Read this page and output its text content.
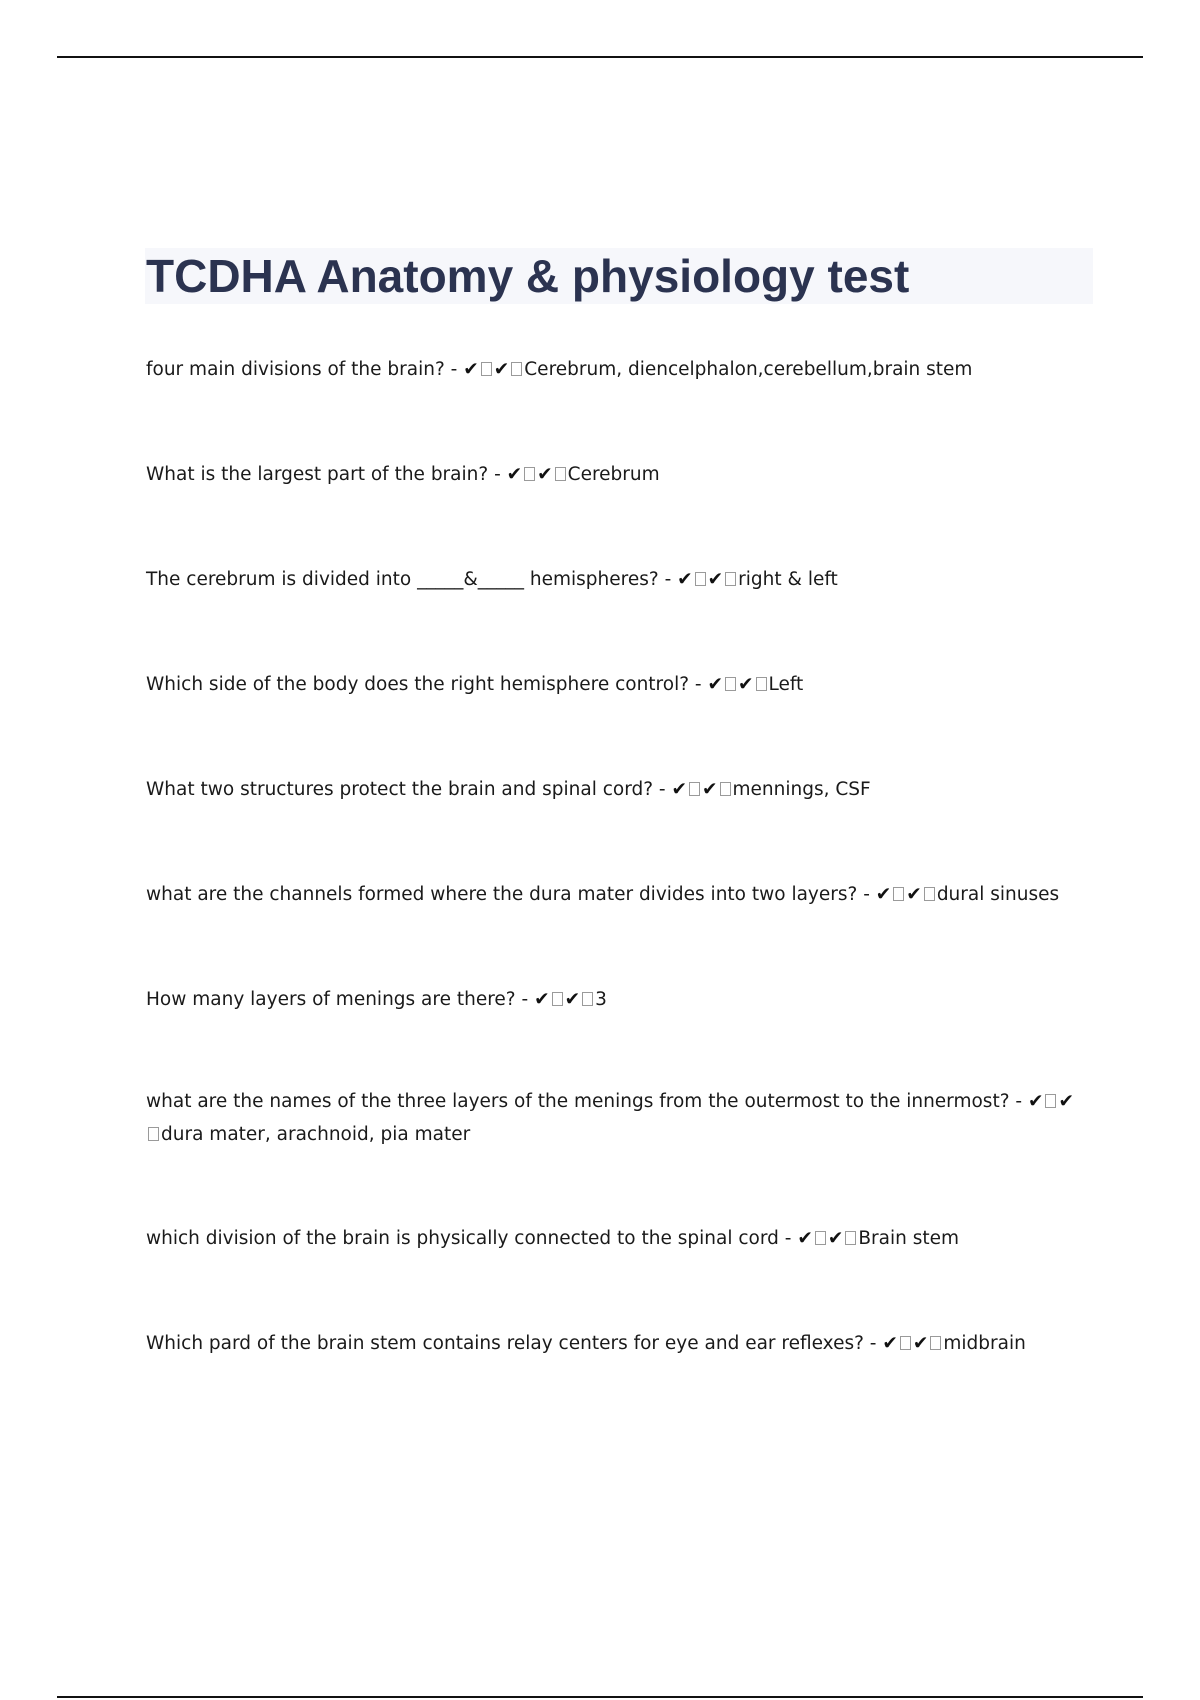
TCDHA Anatomy & physiology test
four main divisions of the brain? - ✔ ✔ Cerebrum, diencelphalon,cerebellum,brain stem
What is the largest part of the brain? - ✔ ✔ Cerebrum
The cerebrum is divided into _____&_____ hemispheres? - ✔ ✔ right & left
Which side of the body does the right hemisphere control? - ✔ ✔ Left
What two structures protect the brain and spinal cord? - ✔ ✔ mennings, CSF
what are the channels formed where the dura mater divides into two layers? - ✔ ✔ dural sinuses
How many layers of menings are there? - ✔ ✔ 3
what are the names of the three layers of the menings from the outermost to the innermost? - ✔ ✔
dura mater, arachnoid, pia mater
which division of the brain is physically connected to the spinal cord - ✔ ✔ Brain stem
Which pard of the brain stem contains relay centers for eye and ear reflexes? - ✔ ✔ midbrain
